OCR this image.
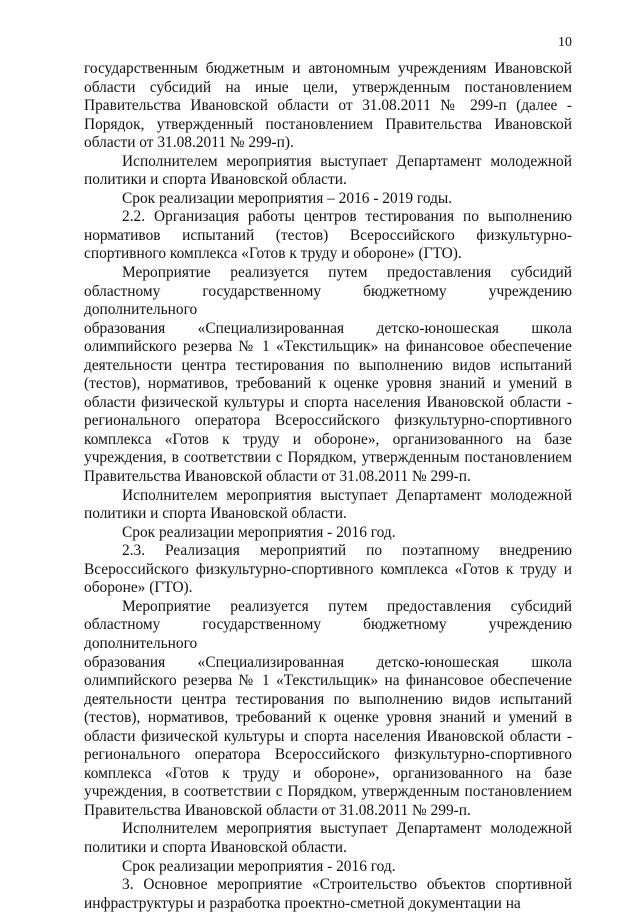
10

государственным бюджетным и автономным учреждениям Ивановской
области субсидий на иные цели, утвержденным постановлением
Правительства Ивановской области от 31.08.2011 № 299-п (далее -
Порядок, утвержденный постановлением Правительства Ивановской
области от 31.08.2011 № 299-п).

Исполнителем мероприятия выступает Департамент молодежной
политики и спорта Ивановской области.

Срок реализации мероприятия – 2016 - 2019 годы.

2.2. Организация работы центров тестирования по выполнению
нормативов испытаний (тестов) Всероссийского физкультурно-
спортивного комплекса «Готов к труду и обороне» (ГТО).

Мероприятие реализуется путем предоставления субсидий
областному государственному бюджетному учреждению дополнительного
образования «Специализированная детско-юношеская школа
олимпийского резерва № 1 «Текстильщик» на финансовое обеспечение
деятельности центра тестирования по выполнению видов испытаний
(тестов), нормативов, требований к оценке уровня знаний и умений в
области физической культуры и спорта населения Ивановской области -
регионального оператора Всероссийского физкультурно-спортивного
комплекса «Готов к труду и обороне», организованного на базе
учреждения, в соответствии с Порядком, утвержденным постановлением
Правительства Ивановской области от 31.08.2011 № 299-п.

Исполнителем мероприятия выступает Департамент молодежной
политики и спорта Ивановской области.

Срок реализации мероприятия - 2016 год.

2.3. Реализация мероприятий по поэтапному внедрению
Всероссийского физкультурно-спортивного комплекса «Готов к труду и
обороне» (ГТО).

Мероприятие реализуется путем предоставления субсидий
областному государственному бюджетному учреждению дополнительного
образования «Специализированная детско-юношеская школа
олимпийского резерва № 1 «Текстильщик» на финансовое обеспечение
деятельности центра тестирования по выполнению видов испытаний
(тестов), нормативов, требований к оценке уровня знаний и умений в
области физической культуры и спорта населения Ивановской области -
регионального оператора Всероссийского физкультурно-спортивного
комплекса «Готов к труду и обороне», организованного на базе
учреждения, в соответствии с Порядком, утвержденным постановлением
Правительства Ивановской области от 31.08.2011 № 299-п.

Исполнителем мероприятия выступает Департамент молодежной
политики и спорта Ивановской области.

Срок реализации мероприятия - 2016 год.

3. Основное мероприятие «Строительство объектов спортивной
инфраструктуры и разработка проектно-сметной документации на
